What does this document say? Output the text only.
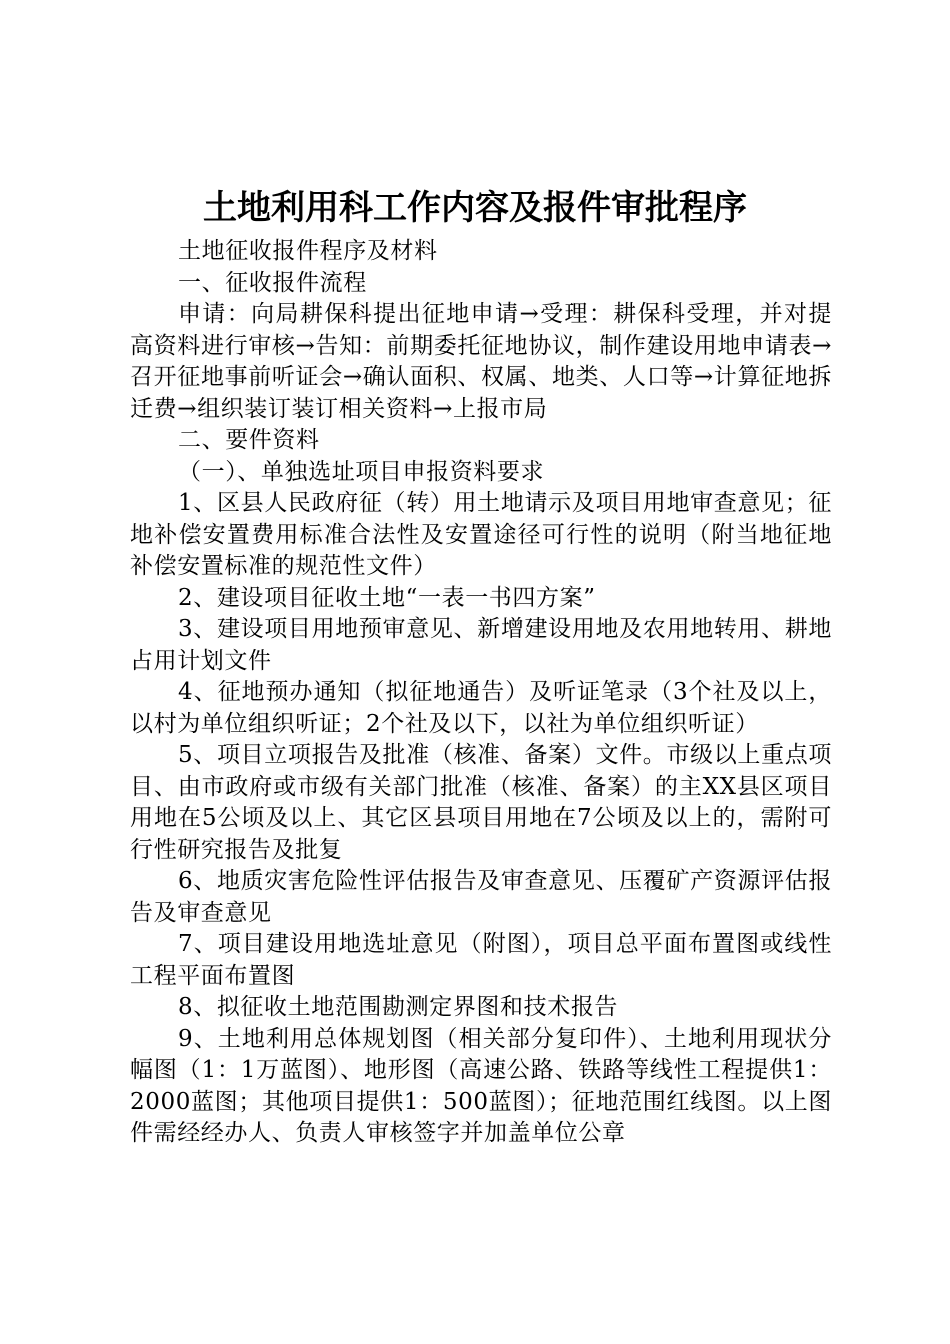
土地利用科工作内容及报件审批程序

土地征收报件程序及材料

一、征收报件流程

申请：向局耕保科提出征地申请→受理：耕保科受理，并对提高资料进行审核→告知：前期委托征地协议，制作建设用地申请表→召开征地事前听证会→确认面积、权属、地类、人口等→计算征地拆迁费→组织装订装订相关资料→上报市局

二、要件资料

（一）、单独选址项目申报资料要求

1、区县人民政府征（转）用土地请示及项目用地审查意见；征地补偿安置费用标准合法性及安置途径可行性的说明（附当地征地补偿安置标准的规范性文件）

2、建设项目征收土地“一表一书四方案”

3、建设项目用地预审意见、新增建设用地及农用地转用、耕地占用计划文件

4、征地预办通知（拟征地通告）及听证笔录（3个社及以上，以村为单位组织听证；2个社及以下，以社为单位组织听证）

5、项目立项报告及批准（核准、备案）文件。市级以上重点项目、由市政府或市级有关部门批准（核准、备案）的主XX县区项目用地在5公顷及以上、其它区县项目用地在7公顷及以上的，需附可行性研究报告及批复

6、地质灾害危险性评估报告及审查意见、压覆矿产资源评估报告及审查意见

7、项目建设用地选址意见（附图），项目总平面布置图或线性工程平面布置图

8、拟征收土地范围勘测定界图和技术报告

9、土地利用总体规划图（相关部分复印件）、土地利用现状分幅图（1：1万蓝图）、地形图（高速公路、铁路等线性工程提供1：2000蓝图；其他项目提供1：500蓝图）；征地范围红线图。以上图件需经经办人、负责人审核签字并加盖单位公章
